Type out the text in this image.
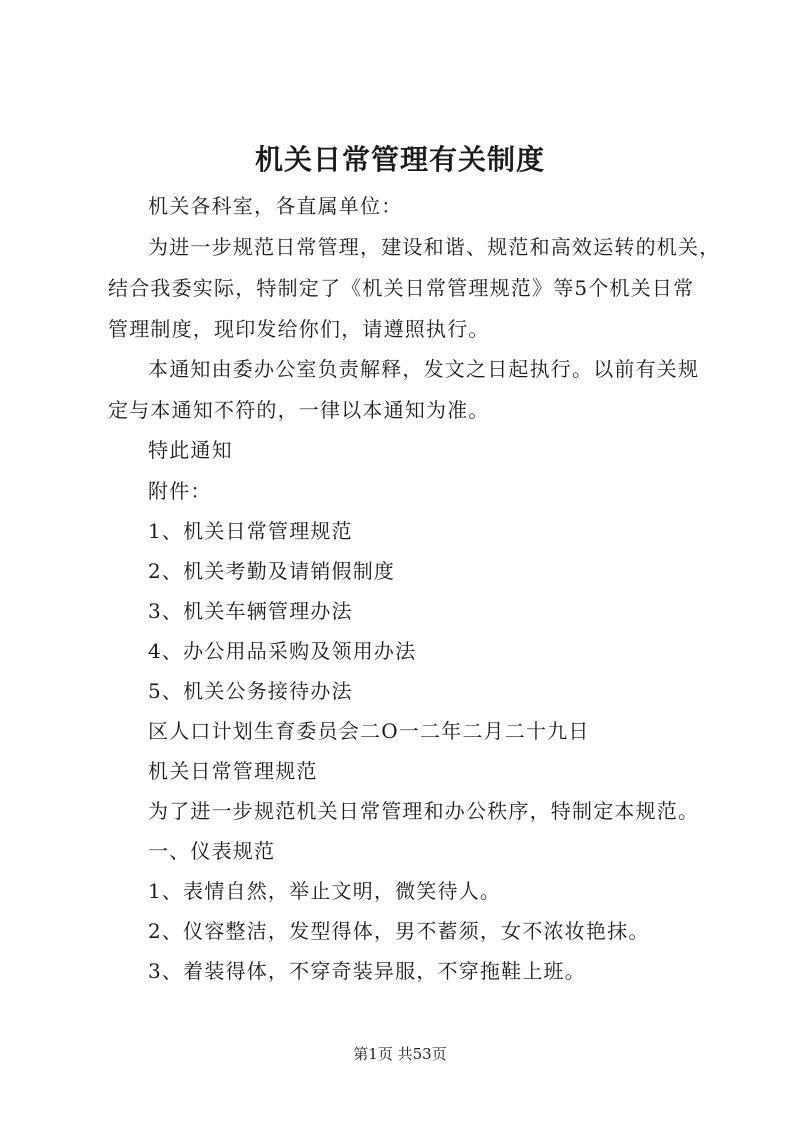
机关日常管理有关制度
机关各科室，各直属单位：
为进一步规范日常管理，建设和谐、规范和高效运转的机关，
结合我委实际，特制定了《机关日常管理规范》等5个机关日常
管理制度，现印发给你们，请遵照执行。
本通知由委办公室负责解释，发文之日起执行。以前有关规
定与本通知不符的，一律以本通知为准。
特此通知
附件：
1、机关日常管理规范
2、机关考勤及请销假制度
3、机关车辆管理办法
4、办公用品采购及领用办法
5、机关公务接待办法
区人口计划生育委员会二O一二年二月二十九日
机关日常管理规范
为了进一步规范机关日常管理和办公秩序，特制定本规范。
一、仪表规范
1、表情自然，举止文明，微笑待人。
2、仪容整洁，发型得体，男不蓄须，女不浓妆艳抹。
3、着装得体，不穿奇装异服，不穿拖鞋上班。
第1页 共53页
